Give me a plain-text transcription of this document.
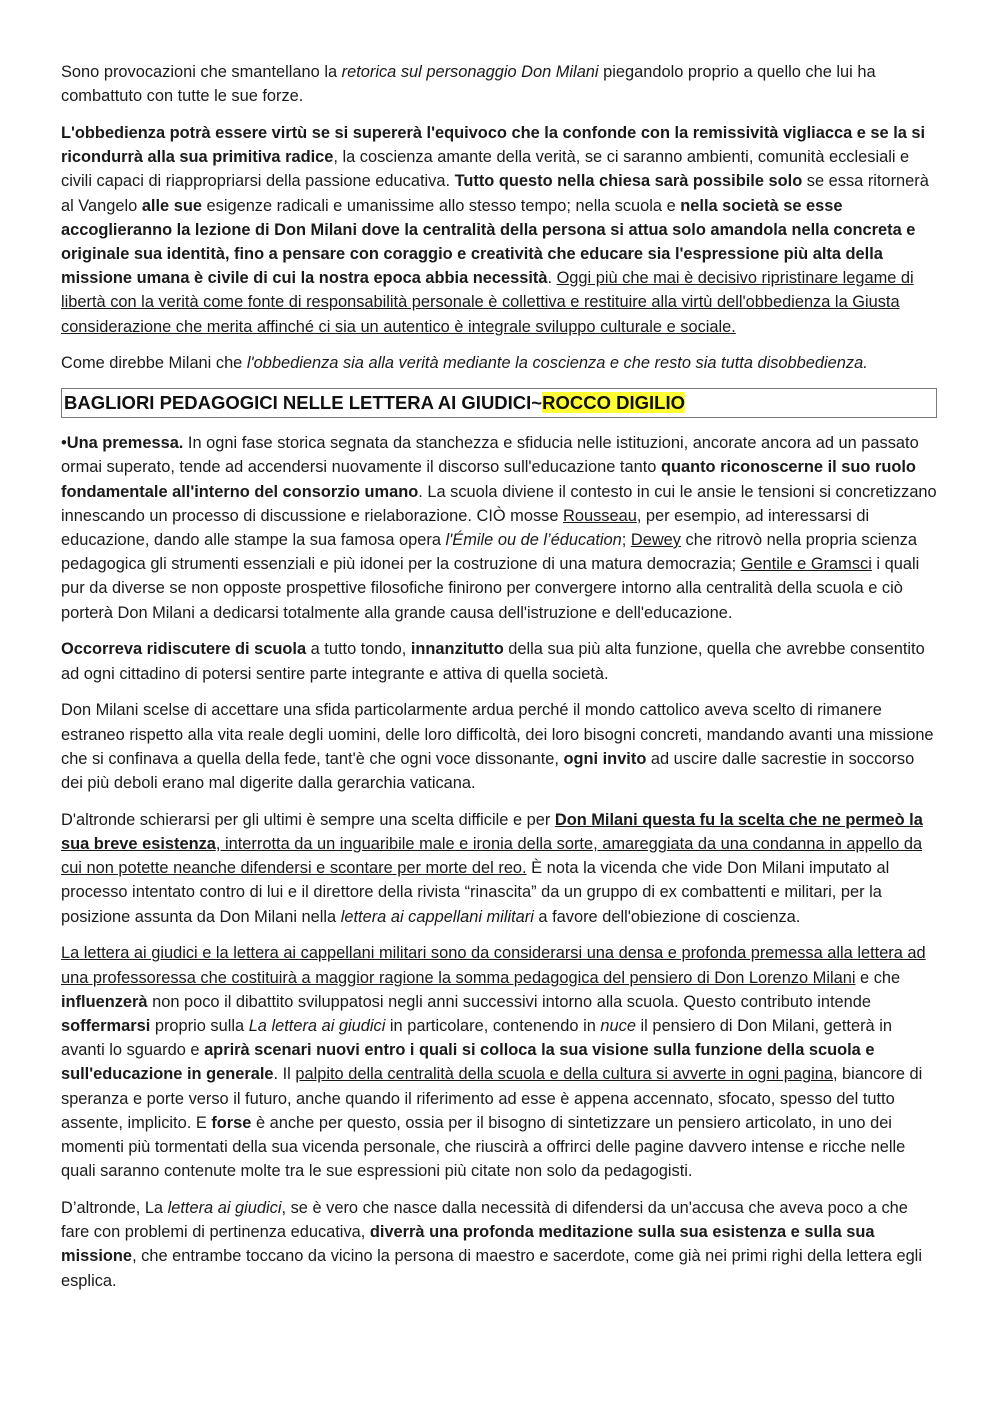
Sono provocazioni che smantellano la retorica sul personaggio Don Milani piegandolo proprio a quello che lui ha combattuto con tutte le sue forze.

L'obbedienza potrà essere virtù se si supererà l'equivoco che la confonde con la remissività vigliacca e se la si ricondurrà alla sua primitiva radice, la coscienza amante della verità, se ci saranno ambienti, comunità ecclesiali e civili capaci di riappropriarsi della passione educativa. Tutto questo nella chiesa sarà possibile solo se essa ritornerà al Vangelo alle sue esigenze radicali e umanissime allo stesso tempo; nella scuola e nella società se esse accoglieranno la lezione di Don Milani dove la centralità della persona si attua solo amandola nella concreta e originale sua identità, fino a pensare con coraggio e creatività che educare sia l'espressione più alta della missione umana è civile di cui la nostra epoca abbia necessità. Oggi più che mai è decisivo ripristinare legame di libertà con la verità come fonte di responsabilità personale è collettiva e restituire alla virtù dell'obbedienza la Giusta considerazione che merita affinché ci sia un autentico è integrale sviluppo culturale e sociale.

Come direbbe Milani che l'obbedienza sia alla verità mediante la coscienza e che resto sia tutta disobbedienza.

BAGLIORI PEDAGOGICI NELLE LETTERA AI GIUDICI~ROCCO DIGILIO

•Una premessa. In ogni fase storica segnata da stanchezza e sfiducia nelle istituzioni, ancorate ancora ad un passato ormai superato, tende ad accendersi nuovamente il discorso sull'educazione tanto quanto riconoscerne il suo ruolo fondamentale all'interno del consorzio umano. La scuola diviene il contesto in cui le ansie le tensioni si concretizzano innescando un processo di discussione e rielaborazione. CIÒ mosse Rousseau, per esempio, ad interessarsi di educazione, dando alle stampe la sua famosa opera l'Émile ou de l’éducation; Dewey che ritrovò nella propria scienza pedagogica gli strumenti essenziali e più idonei per la costruzione di una matura democrazia; Gentile e Gramsci i quali pur da diverse se non opposte prospettive filosofiche finirono per convergere intorno alla centralità della scuola e ciò porterà Don Milani a dedicarsi totalmente alla grande causa dell'istruzione e dell'educazione.

Occorreva ridiscutere di scuola a tutto tondo, innanzitutto della sua più alta funzione, quella che avrebbe consentito ad ogni cittadino di potersi sentire parte integrante e attiva di quella società.

Don Milani scelse di accettare una sfida particolarmente ardua perché il mondo cattolico aveva scelto di rimanere estraneo rispetto alla vita reale degli uomini, delle loro difficoltà, dei loro bisogni concreti, mandando avanti una missione che si confinava a quella della fede, tant'è che ogni voce dissonante, ogni invito ad uscire dalle sacrestie in soccorso dei più deboli erano mal digerite dalla gerarchia vaticana.

D'altronde schierarsi per gli ultimi è sempre una scelta difficile e per Don Milani questa fu la scelta che ne permeò la sua breve esistenza, interrotta da un inguaribile male e ironia della sorte, amareggiata da una condanna in appello da cui non potette neanche difendersi e scontare per morte del reo. È nota la vicenda che vide Don Milani imputato al processo intentato contro di lui e il direttore della rivista “rinascita” da un gruppo di ex combattenti e militari, per la posizione assunta da Don Milani nella lettera ai cappellani militari a favore dell'obiezione di coscienza.

La lettera ai giudici e la lettera ai cappellani militari sono da considerarsi una densa e profonda premessa alla lettera ad una professoressa che costituirà a maggior ragione la somma pedagogica del pensiero di Don Lorenzo Milani e che influenzerà non poco il dibattito sviluppatosi negli anni successivi intorno alla scuola. Questo contributo intende soffermarsi proprio sulla La lettera ai giudici in particolare, contenendo in nuce il pensiero di Don Milani, getterà in avanti lo sguardo e aprirà scenari nuovi entro i quali si colloca la sua visione sulla funzione della scuola e sull'educazione in generale. Il palpito della centralità della scuola e della cultura si avverte in ogni pagina, biancore di speranza e porte verso il futuro, anche quando il riferimento ad esse è appena accennato, sfocato, spesso del tutto assente, implicito. E forse è anche per questo, ossia per il bisogno di sintetizzare un pensiero articolato, in uno dei momenti più tormentati della sua vicenda personale, che riuscirà a offrirci delle pagine davvero intense e ricche nelle quali saranno contenute molte tra le sue espressioni più citate non solo da pedagogisti.

D’altronde, La lettera ai giudici, se è vero che nasce dalla necessità di difendersi da un'accusa che aveva poco a che fare con problemi di pertinenza educativa, diverrà una profonda meditazione sulla sua esistenza e sulla sua missione, che entrambe toccano da vicino la persona di maestro e sacerdote, come già nei primi righi della lettera egli esplica.
